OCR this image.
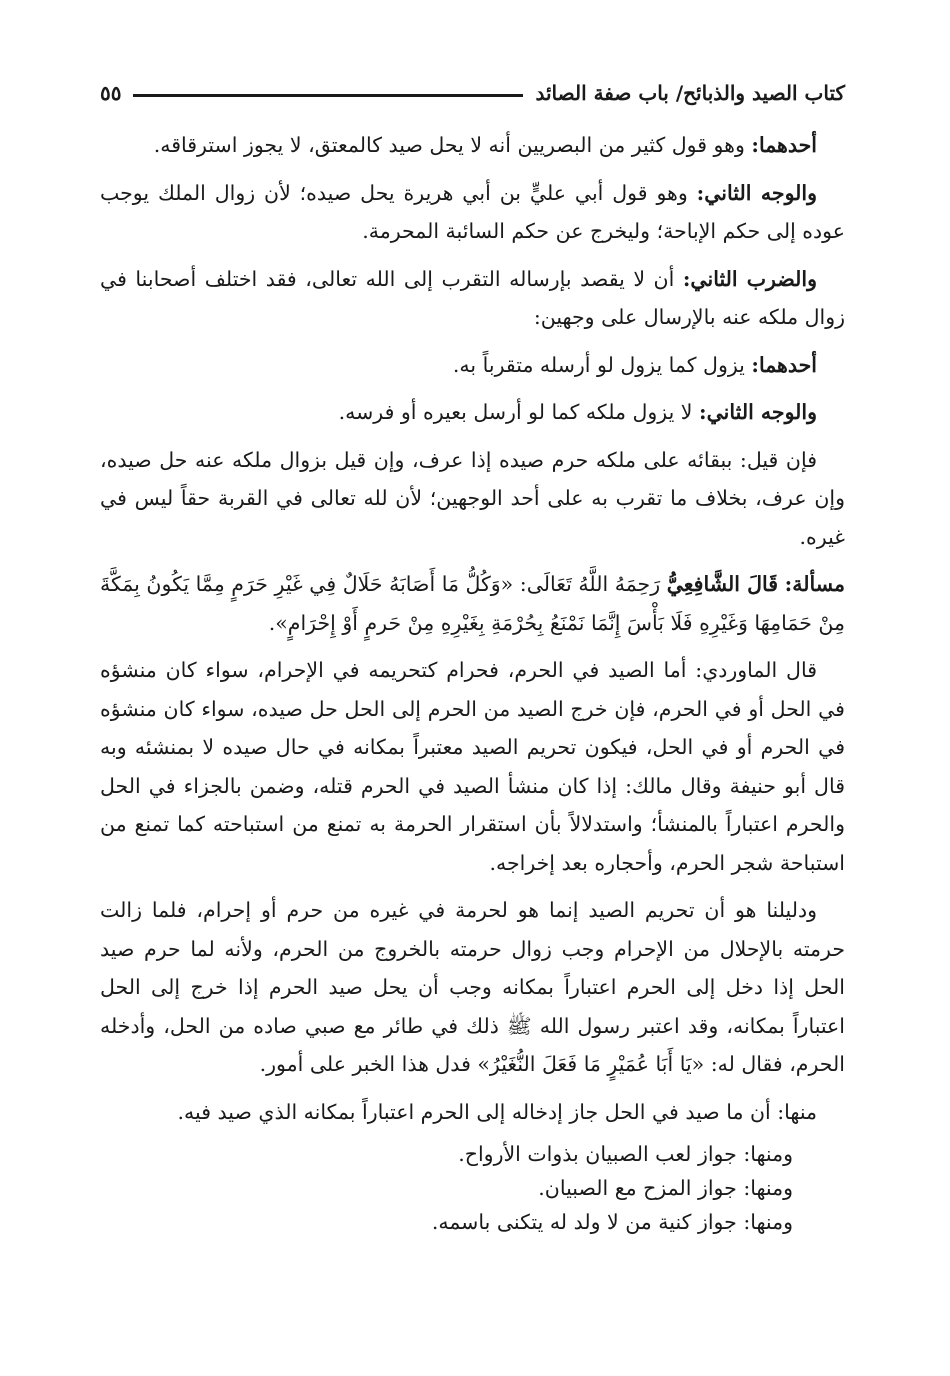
كتاب الصيد والذبائح/ باب صفة الصائد
٥٥

أحدهما: وهو قول كثير من البصريين أنه لا يحل صيد كالمعتق، لا يجوز استرقاقه.

والوجه الثاني: وهو قول أبي عليٍّ بن أبي هريرة يحل صيده؛ لأن زوال الملك يوجب عوده إلى حكم الإباحة؛ وليخرج عن حكم السائبة المحرمة.

والضرب الثاني: أن لا يقصد بإرساله التقرب إلى الله تعالى، فقد اختلف أصحابنا في زوال ملكه عنه بالإرسال على وجهين:

أحدهما: يزول كما يزول لو أرسله متقرباً به.

والوجه الثاني: لا يزول ملكه كما لو أرسل بعيره أو فرسه.

فإن قيل: ببقائه على ملكه حرم صيده إذا عرف، وإن قيل بزوال ملكه عنه حل صيده، وإن عرف، بخلاف ما تقرب به على أحد الوجهين؛ لأن لله تعالى في القربة حقاً ليس في غيره.

مسألة: قَالَ الشَّافِعِيُّ رَحِمَهُ اللَّهُ تَعَالَى: «وَكُلُّ مَا أَصَابَهُ حَلَالٌ فِي غَيْرِ حَرَمٍ مِمَّا يَكُونُ بِمَكَّةَ مِنْ حَمَامِهَا وَغَيْرِهِ فَلَا بَأْسَ إِنَّمَا نَمْنَعُ بِحُرْمَةِ بِغَيْرِهِ مِنْ حَرمٍ أَوْ إِحْرَامٍ».

قال الماوردي: أما الصيد في الحرم، فحرام كتحريمه في الإحرام، سواء كان منشؤه في الحل أو في الحرم، فإن خرج الصيد من الحرم إلى الحل حل صيده، سواء كان منشؤه في الحرم أو في الحل، فيكون تحريم الصيد معتبراً بمكانه في حال صيده لا بمنشئه وبه قال أبو حنيفة وقال مالك: إذا كان منشأ الصيد في الحرم قتله، وضمن بالجزاء في الحل والحرم اعتباراً بالمنشأ؛ واستدلالاً بأن استقرار الحرمة به تمنع من استباحته كما تمنع من استباحة شجر الحرم، وأحجاره بعد إخراجه.

ودليلنا هو أن تحريم الصيد إنما هو لحرمة في غيره من حرم أو إحرام، فلما زالت حرمته بالإحلال من الإحرام وجب زوال حرمته بالخروج من الحرم، ولأنه لما حرم صيد الحل إذا دخل إلى الحرم اعتباراً بمكانه وجب أن يحل صيد الحرم إذا خرج إلى الحل اعتباراً بمكانه، وقد اعتبر رسول الله ﷺ ذلك في طائر مع صبي صاده من الحل، وأدخله الحرم، فقال له: «يَا أَبَا عُمَيْرٍ مَا فَعَلَ النُّغَيْرُ» فدل هذا الخبر على أمور.

منها: أن ما صيد في الحل جاز إدخاله إلى الحرم اعتباراً بمكانه الذي صيد فيه.
ومنها: جواز لعب الصبيان بذوات الأرواح.
ومنها: جواز المزح مع الصبيان.
ومنها: جواز كنية من لا ولد له يتكنى باسمه.
